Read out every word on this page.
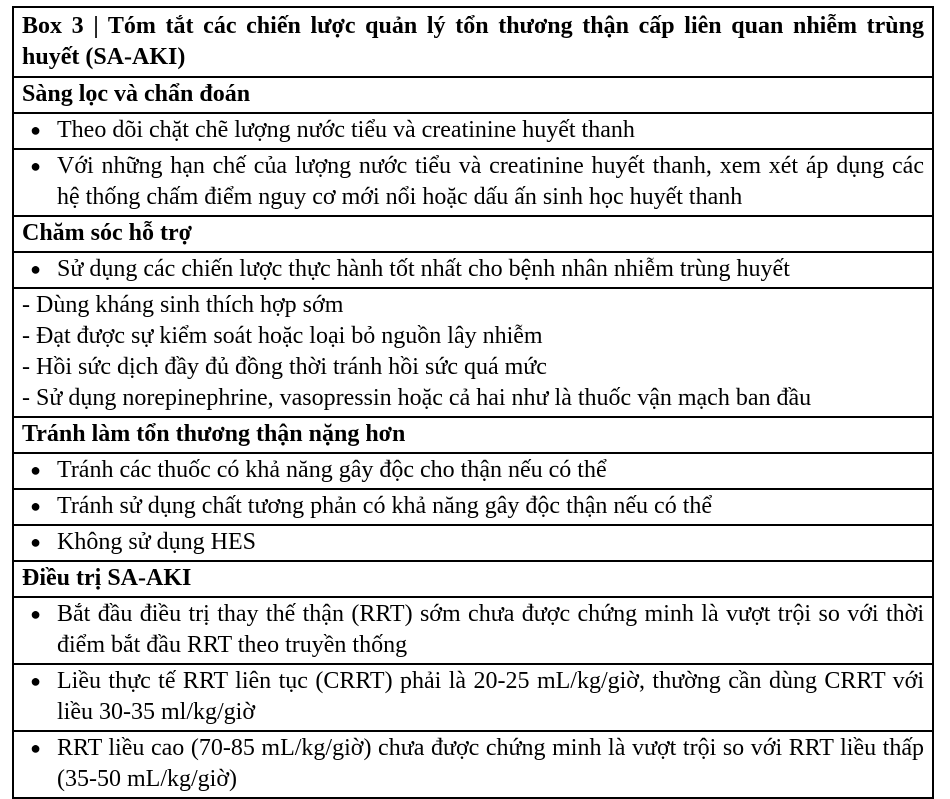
Box 3 | Tóm tắt các chiến lược quản lý tổn thương thận cấp liên quan nhiễm trùng huyết (SA-AKI)
Sàng lọc và chẩn đoán
● Theo dõi chặt chẽ lượng nước tiểu và creatinine huyết thanh
● Với những hạn chế của lượng nước tiểu và creatinine huyết thanh, xem xét áp dụng các hệ thống chấm điểm nguy cơ mới nổi hoặc dấu ấn sinh học huyết thanh
Chăm sóc hỗ trợ
● Sử dụng các chiến lược thực hành tốt nhất cho bệnh nhân nhiễm trùng huyết
- Dùng kháng sinh thích hợp sớm
- Đạt được sự kiểm soát hoặc loại bỏ nguồn lây nhiễm
- Hồi sức dịch đầy đủ đồng thời tránh hồi sức quá mức
- Sử dụng norepinephrine, vasopressin hoặc cả hai như là thuốc vận mạch ban đầu
Tránh làm tổn thương thận nặng hơn
● Tránh các thuốc có khả năng gây độc cho thận nếu có thể
● Tránh sử dụng chất tương phản có khả năng gây độc thận nếu có thể
● Không sử dụng HES
Điều trị SA-AKI
● Bắt đầu điều trị thay thế thận (RRT) sớm chưa được chứng minh là vượt trội so với thời điểm bắt đầu RRT theo truyền thống
● Liều thực tế RRT liên tục (CRRT) phải là 20-25 mL/kg/giờ, thường cần dùng CRRT với liều 30-35 ml/kg/giờ
● RRT liều cao (70-85 mL/kg/giờ) chưa được chứng minh là vượt trội so với RRT liều thấp (35-50 mL/kg/giờ)
